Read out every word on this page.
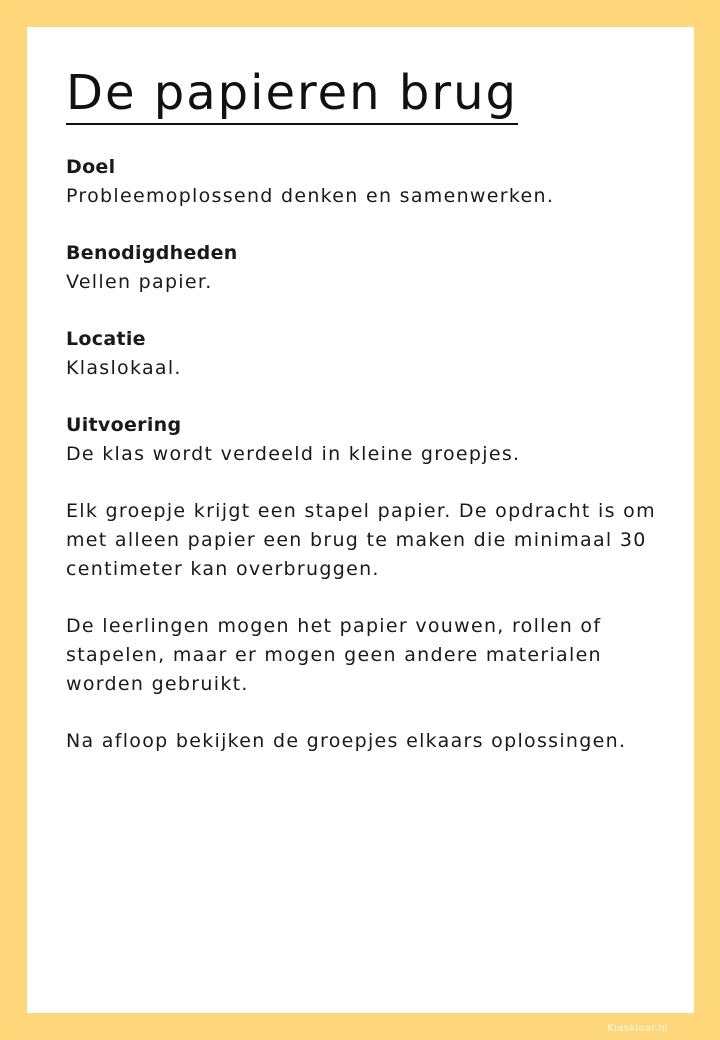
De papieren brug
Doel
Probleemoplossend denken en samenwerken.
Benodigdheden
Vellen papier.
Locatie
Klaslokaal.
Uitvoering

De klas wordt verdeeld in kleine groepjes.

Elk groepje krijgt een stapel papier. De opdracht is om met alleen papier een brug te maken die minimaal 30 centimeter kan overbruggen.

De leerlingen mogen het papier vouwen, rollen of stapelen, maar er mogen geen andere materialen worden gebruikt.

Na afloop bekijken de groepjes elkaars oplossingen.

Klaskloar.nl
